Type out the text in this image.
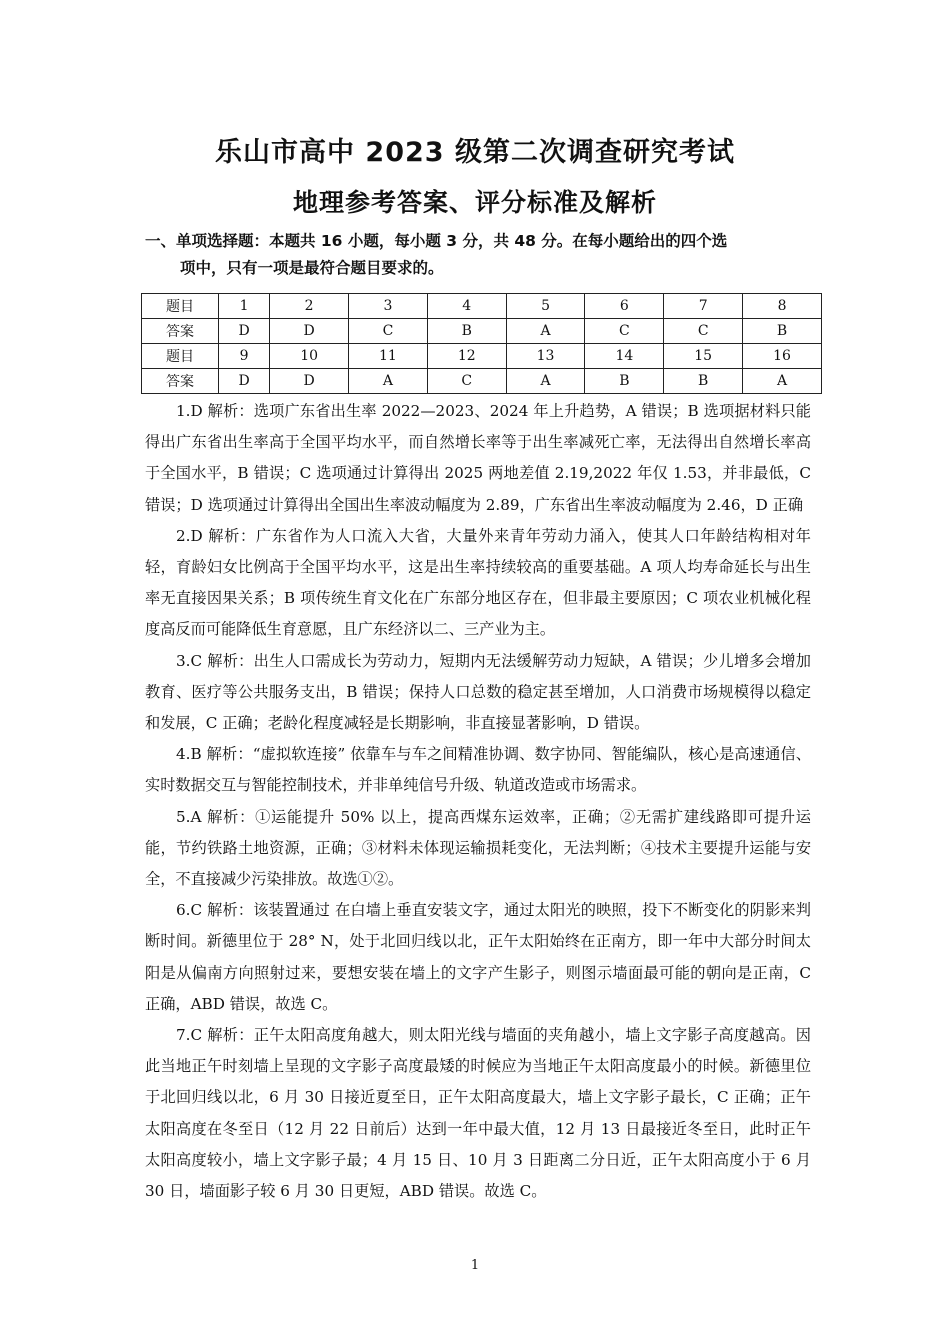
乐山市高中 2023 级第二次调查研究考试
地理参考答案、评分标准及解析
一、单项选择题：本题共 16 小题，每小题 3 分，共 48 分。在每小题给出的四个选
项中，只有一项是最符合题目要求的。
题目	1	2	3	4	5	6	7	8
答案	D	D	C	B	A	C	C	B
题目	9	10	11	12	13	14	15	16
答案	D	D	A	C	A	B	B	A

1.D 解析：选项广东省出生率 2022—2023、2024 年上升趋势，A 错误；B 选项据材料只能得出广东省出生率高于全国平均水平，而自然增长率等于出生率减死亡率，无法得出自然增长率高于全国水平，B 错误；C 选项通过计算得出 2025 两地差值 2.19,2022 年仅 1.53，并非最低，C 错误；D 选项通过计算得出全国出生率波动幅度为 2.89，广东省出生率波动幅度为 2.46，D 正确

2.D 解析：广东省作为人口流入大省，大量外来青年劳动力涌入，使其人口年龄结构相对年轻，育龄妇女比例高于全国平均水平，这是出生率持续较高的重要基础。A 项人均寿命延长与出生率无直接因果关系；B 项传统生育文化在广东部分地区存在，但非最主要原因；C 项农业机械化程度高反而可能降低生育意愿，且广东经济以二、三产业为主。

3.C 解析：出生人口需成长为劳动力，短期内无法缓解劳动力短缺，A 错误；少儿增多会增加教育、医疗等公共服务支出，B 错误；保持人口总数的稳定甚至增加，人口消费市场规模得以稳定和发展，C 正确；老龄化程度减轻是长期影响，非直接显著影响，D 错误。

4.B 解析：“虚拟软连接” 依靠车与车之间精准协调、数字协同、智能编队，核心是高速通信、实时数据交互与智能控制技术，并非单纯信号升级、轨道改造或市场需求。

5.A 解析：①运能提升 50% 以上，提高西煤东运效率，正确；②无需扩建线路即可提升运能，节约铁路土地资源，正确；③材料未体现运输损耗变化，无法判断；④技术主要提升运能与安全，不直接减少污染排放。故选①②。

6.C 解析：该装置通过 在白墙上垂直安装文字，通过太阳光的映照，投下不断变化的阴影来判断时间。新德里位于 28° N，处于北回归线以北，正午太阳始终在正南方，即一年中大部分时间太阳是从偏南方向照射过来，要想安装在墙上的文字产生影子，则图示墙面最可能的朝向是正南，C 正确，ABD 错误，故选 C。

7.C 解析：正午太阳高度角越大，则太阳光线与墙面的夹角越小，墙上文字影子高度越高。因此当地正午时刻墙上呈现的文字影子高度最矮的时候应为当地正午太阳高度最小的时候。新德里位于北回归线以北，6 月 30 日接近夏至日，正午太阳高度最大，墙上文字影子最长，C 正确；正午太阳高度在冬至日（12 月 22 日前后）达到一年中最大值，12 月 13 日最接近冬至日，此时正午太阳高度较小，墙上文字影子最；4 月 15 日、10 月 3 日距离二分日近，正午太阳高度小于 6 月 30 日，墙面影子较 6 月 30 日更短，ABD 错误。故选 C。

1
